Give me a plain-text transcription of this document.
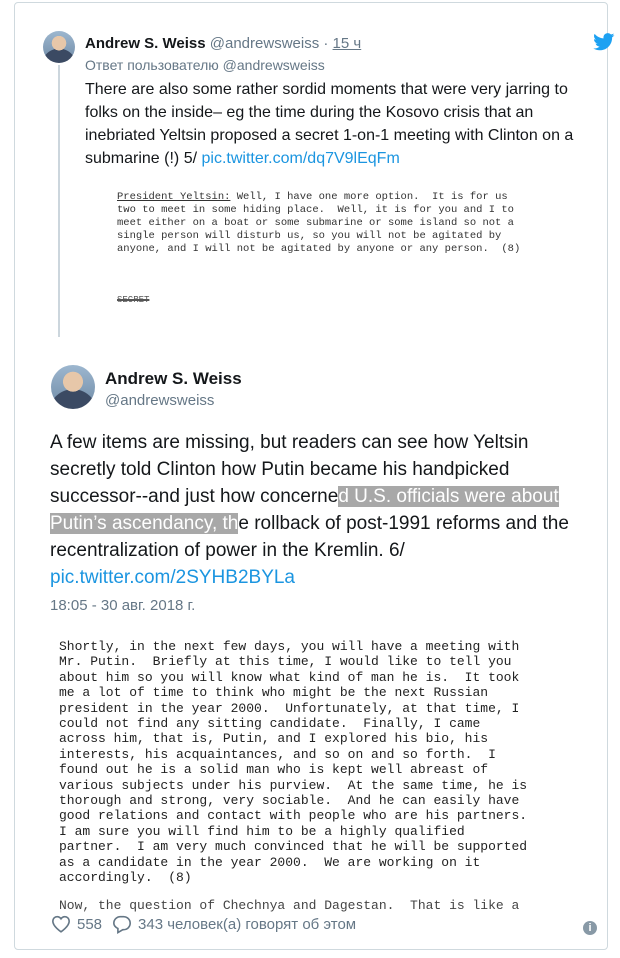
Andrew S. Weiss @andrewsweiss · 15 ч
Ответ пользователю @andrewsweiss
There are also some rather sordid moments that were very jarring to folks on the inside– eg the time during the Kosovo crisis that an inebriated Yeltsin proposed a secret 1-on-1 meeting with Clinton on a submarine (!) 5/ pic.twitter.com/dq7V9lEqFm
President Yeltsin: Well, I have one more option.  It is for us
two to meet in some hiding place.  Well, it is for you and I to
meet either on a boat or some submarine or some island so not a
single person will disturb us, so you will not be agitated by
anyone, and I will not be agitated by anyone or any person.  (8)
SECRET
Andrew S. Weiss
@andrewsweiss
A few items are missing, but readers can see how Yeltsin secretly told Clinton how Putin became his handpicked successor--and just how concerned U.S. officials were about Putin’s ascendancy, the rollback of post-1991 reforms and the recentralization of power in the Kremlin. 6/
pic.twitter.com/2SYHB2BYLa
18:05 - 30 авг. 2018 г.
Shortly, in the next few days, you will have a meeting with
Mr. Putin.  Briefly at this time, I would like to tell you
about him so you will know what kind of man he is.  It took
me a lot of time to think who might be the next Russian
president in the year 2000.  Unfortunately, at that time, I
could not find any sitting candidate.  Finally, I came
across him, that is, Putin, and I explored his bio, his
interests, his acquaintances, and so on and so forth.  I
found out he is a solid man who is kept well abreast of
various subjects under his purview.  At the same time, he is
thorough and strong, very sociable.  And he can easily have
good relations and contact with people who are his partners.
I am sure you will find him to be a highly qualified
partner.  I am very much convinced that he will be supported
as a candidate in the year 2000.  We are working on it
accordingly.  (8)
Now, the question of Chechnya and Dagestan.  That is like a
558 343 человек(а) говорят об этом	i
